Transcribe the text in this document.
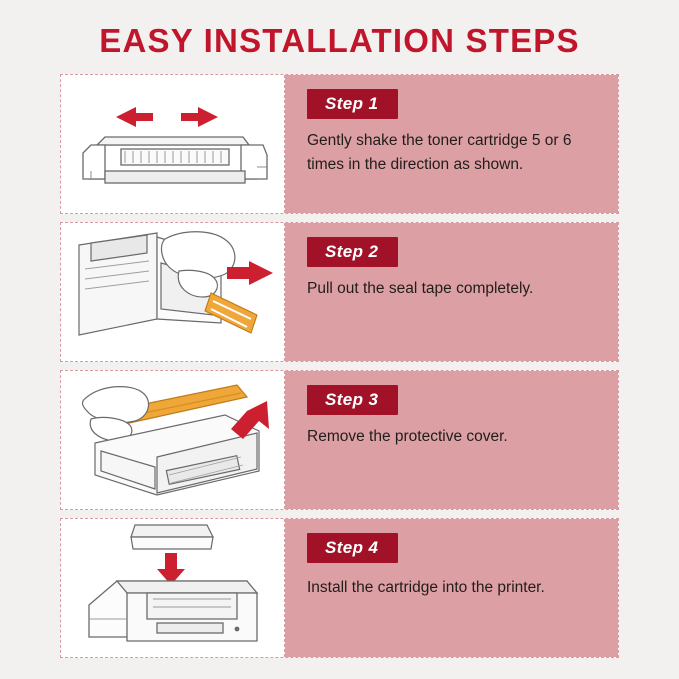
EASY INSTALLATION STEPS
Step 1
Gently shake the toner cartridge 5 or 6 times in the direction as shown.
Step 2
Pull out the seal tape completely.
Step 3
Remove the protective cover.
Step 4
Install the cartridge into the printer.
